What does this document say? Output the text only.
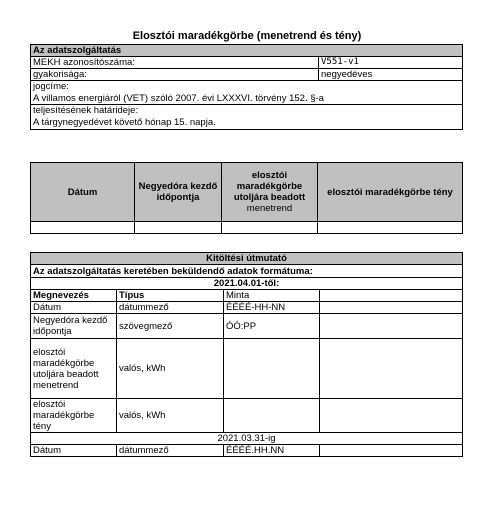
Elosztói maradékgörbe (menetrend és tény)
Az adatszolgáltatás	
MEKH azonosítószáma:	V551-v1
gyakorisága:	negyedéves
jogcíme:	
A villamos energiáról (VET) szóló 2007. évi LXXXVI. törvény 152. §-a	
teljesítésének határideje:	
A tárgynegyedévet követő hónap 15. napja.	
Dátum	Negyedóra kezdő időpontja	elosztói maradékgörbe utoljára beadott
menetrend	elosztói maradékgörbe tény

Kitöltési útmutató			
Az adatszolgáltatás keretében beküldendő adatok formátuma:			
2021.04.01-től:			
Megnevezés	Típus	Minta	
Dátum	dátummező	ÉÉÉÉ-HH-NN	
Negyedóra kezdő időpontja	szövegmező	ÓÓ:PP	

elosztói maradékgörbe utoljára beadott
menetrend	valós, kWh		
elosztói maradékgörbe tény	valós, kWh		
2021.03.31-ig			
Dátum	dátummező	ÉÉÉÉ.HH.NN	
